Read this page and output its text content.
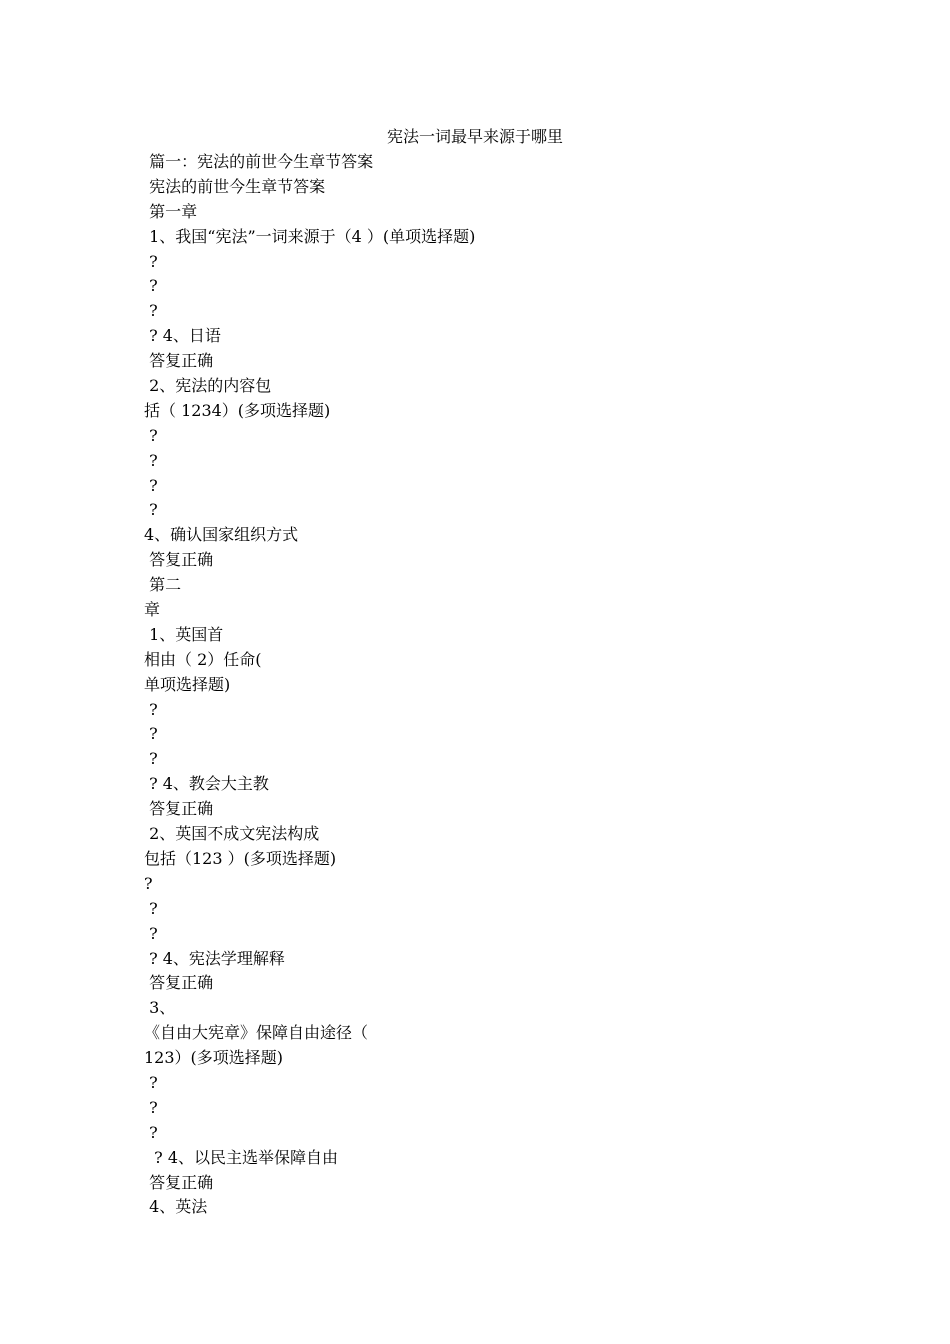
宪法一词最早来源于哪里
篇一：宪法的前世今生章节答案
宪法的前世今生章节答案
第一章
1、我国“宪法”一词来源于（4 ）(单项选择题)
?
?
?
? 4、日语
答复正确
2、宪法的内容包
括（ 1234）(多项选择题)
?
?
?
?
4、确认国家组织方式
答复正确
第二
章
1、英国首
相由（ 2）任命(
单项选择题)
?
?
?
? 4、教会大主教
答复正确
2、英国不成文宪法构成
包括（123 ）(多项选择题)
?
?
?
? 4、宪法学理解释
答复正确
3、
《自由大宪章》保障自由途径（
123）(多项选择题)
?
?
?
? 4、以民主选举保障自由
答复正确
4、英法
